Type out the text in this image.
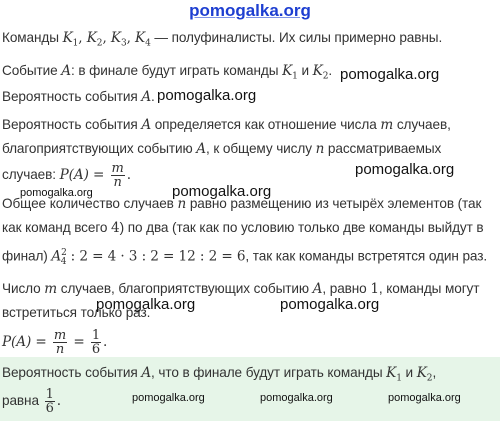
pomogalka.org
Команды $K_1$, $K_2$, $K_3$, $K_4$ — полуфиналисты. Их силы примерно равны.
Событие A: в финале будут играть команды $K_1$ и $K_2$.
Вероятность события A.
Вероятность события A определяется как отношение числа m случаев,
благоприятствующих событию A, к общему числу n рассматриваемых
случаев: $P(A) = \frac{m}{n}$ .
Общее количество случаев n равно размещению из четырёх элементов (так
как команд всего 4) по два (так как по условию только две команды выйдут в
финал) $A^2_4$ : 2 = 4 · 3 : 2 = 12 : 2 = 6, так как команды встретятся один раз.
Число m случаев, благоприятствующих событию A, равно 1, команды могут
встретиться только раз.
$P(A) = \frac{m}{n} = \frac{1}{6}$ .
Вероятность события A, что в финале будут играть команды $K_1$ и $K_2$,
равна $\frac{1}{6}$ .
pomogalka.org
pomogalka.org
pomogalka.org
pomogalka.org
pomogalka.org
pomogalka.org	pomogalka.org
pomogalka.org	pomogalka.org	pomogalka.org
